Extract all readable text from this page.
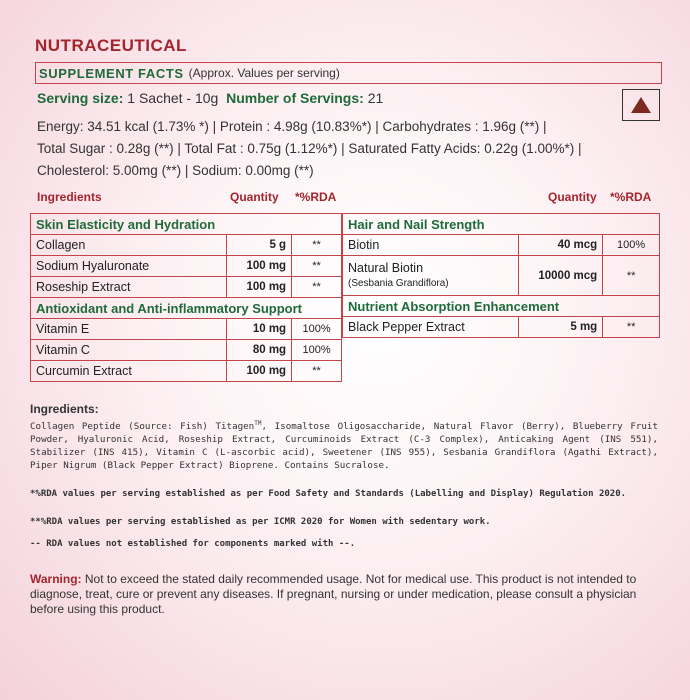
NUTRACEUTICAL
SUPPLEMENT FACTS (Approx. Values per serving)
Serving size: 1 Sachet - 10g Number of Servings: 21
Energy: 34.51 kcal (1.73% *) | Protein : 4.98g (10.83%*) | Carbohydrates : 1.96g (**) |
Total Sugar : 0.28g (**) | Total Fat : 0.75g (1.12%*) | Saturated Fatty Acids: 0.22g (1.00%*) |
Cholesterol: 5.00mg (**) | Sodium: 0.00mg (**)
Ingredients	Quantity *%RDA	Quantity *%RDA
Skin Elasticity and Hydration		
Collagen	5 g	**
Sodium Hyaluronate	100 mg	**
Roseship Extract	100 mg	**
Antioxidant and Anti-inflammatory Support		
Vitamin E	10 mg	100%
Vitamin C	80 mg	100%
Curcumin Extract	100 mg	**
Hair and Nail Strength		
Biotin	40 mcg	100%

Natural Biotin
(Sesbania Grandiflora)	10000 mcg	**
Nutrient Absorption Enhancement		
Black Pepper Extract	5 mg	**
Ingredients:
Collagen Peptide (Source: Fish) Titagen™, Isomaltose Oligosaccharide, Natural Flavor (Berry), Blueberry Fruit Powder, Hyaluronic Acid, Roseship Extract, Curcuminoids Extract (C-3 Complex), Anticaking Agent (INS 551), Stabilizer (INS 415), Vitamin C (L-ascorbic acid), Sweetener (INS 955), Sesbania Grandiflora (Agathi Extract), Piper Nigrum (Black Pepper Extract) Bioprene. Contains Sucralose.
*%RDA values per serving established as per Food Safety and Standards (Labelling and Display) Regulation 2020.
**%RDA values per serving established as per ICMR 2020 for Women with sedentary work.
-- RDA values not established for components marked with --.
Warning: Not to exceed the stated daily recommended usage. Not for medical use. This product is not intended to diagnose, treat, cure or prevent any diseases. If pregnant, nursing or under medication, please consult a physician before using this product.
